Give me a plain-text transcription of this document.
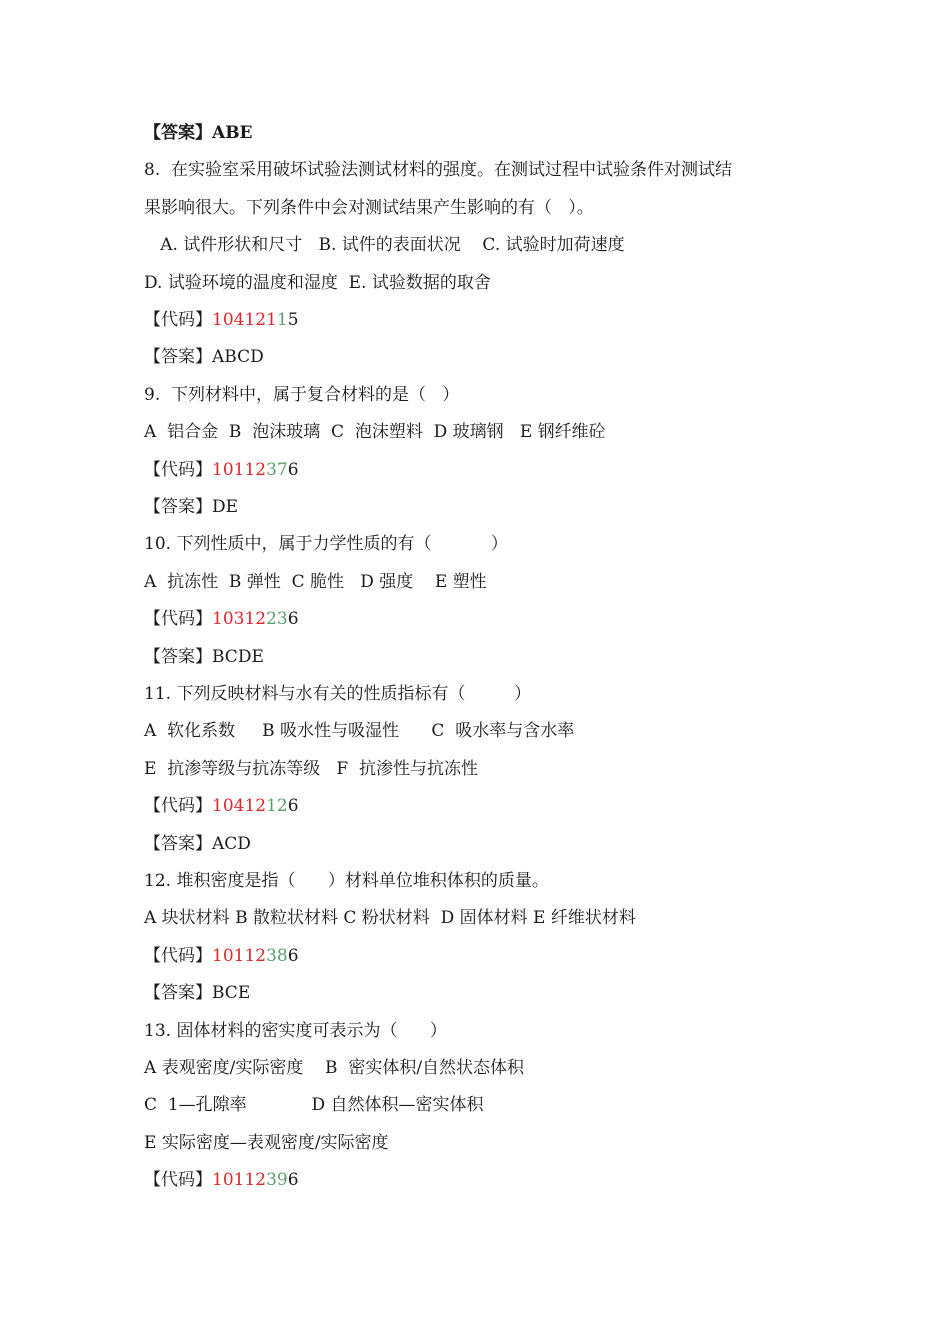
【答案】ABE
8.  在实验室采用破坏试验法测试材料的强度。在测试过程中试验条件对测试结
果影响很大。下列条件中会对测试结果产生影响的有（   ）。
A. 试件形状和尺寸   B. 试件的表面状况    C. 试验时加荷速度
D. 试验环境的温度和湿度  E. 试验数据的取舍
【代码】10412115
【答案】ABCD
9.  下列材料中，属于复合材料的是（   ）
A  铝合金  B  泡沫玻璃  C  泡沫塑料  D 玻璃钢   E 钢纤维砼
【代码】10112376
【答案】DE
10. 下列性质中，属于力学性质的有（           ）
A  抗冻性  B 弹性  C 脆性   D 强度    E 塑性
【代码】10312236
【答案】BCDE
11. 下列反映材料与水有关的性质指标有（         ）
A  软化系数     B 吸水性与吸湿性      C  吸水率与含水率
E  抗渗等级与抗冻等级   F  抗渗性与抗冻性
【代码】10412126
【答案】ACD
12. 堆积密度是指（      ）材料单位堆积体积的质量。
A 块状材料 B 散粒状材料 C 粉状材料  D 固体材料 E 纤维状材料
【代码】10112386
【答案】BCE
13. 固体材料的密实度可表示为（      ）
A 表观密度/实际密度    B  密实体积/自然状态体积
C  1—孔隙率            D 自然体积—密实体积
E 实际密度—表观密度/实际密度
【代码】10112396
